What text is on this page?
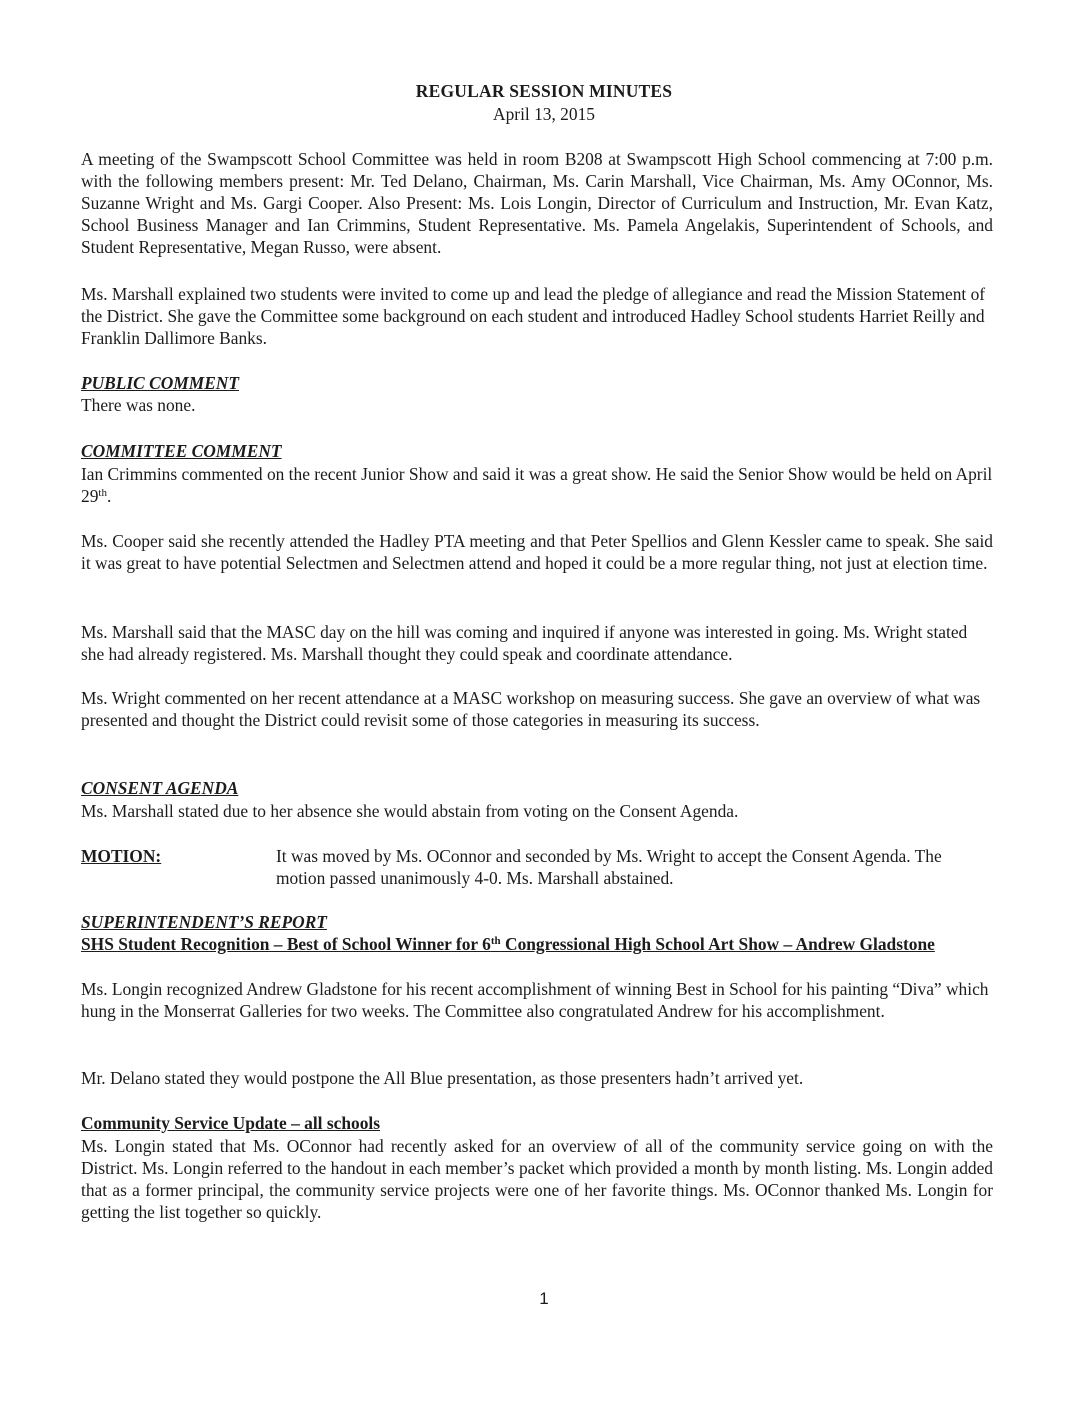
REGULAR SESSION MINUTES
April 13, 2015

A meeting of the Swampscott School Committee was held in room B208 at Swampscott High School commencing at 7:00 p.m. with the following members present: Mr. Ted Delano, Chairman, Ms. Carin Marshall, Vice Chairman, Ms. Amy OConnor, Ms. Suzanne Wright and Ms. Gargi Cooper. Also Present: Ms. Lois Longin, Director of Curriculum and Instruction, Mr. Evan Katz, School Business Manager and Ian Crimmins, Student Representative. Ms. Pamela Angelakis, Superintendent of Schools, and Student Representative, Megan Russo, were absent.

Ms. Marshall explained two students were invited to come up and lead the pledge of allegiance and read the Mission Statement of the District. She gave the Committee some background on each student and introduced Hadley School students Harriet Reilly and Franklin Dallimore Banks.

PUBLIC COMMENT
There was none.
COMMITTEE COMMENT

Ian Crimmins commented on the recent Junior Show and said it was a great show. He said the Senior Show would be held on April 29th.

Ms. Cooper said she recently attended the Hadley PTA meeting and that Peter Spellios and Glenn Kessler came to speak. She said it was great to have potential Selectmen and Selectmen attend and hoped it could be a more regular thing, not just at election time.

Ms. Marshall said that the MASC day on the hill was coming and inquired if anyone was interested in going. Ms. Wright stated she had already registered. Ms. Marshall thought they could speak and coordinate attendance.

Ms. Wright commented on her recent attendance at a MASC workshop on measuring success. She gave an overview of what was presented and thought the District could revisit some of those categories in measuring its success.

CONSENT AGENDA
Ms. Marshall stated due to her absence she would abstain from voting on the Consent Agenda.
MOTION:	It was moved by Ms. OConnor and seconded by Ms. Wright to accept the Consent Agenda. The motion passed unanimously 4-0. Ms. Marshall abstained.

SUPERINTENDENT’S REPORT

SHS Student Recognition – Best of School Winner for 6th Congressional High School Art Show – Andrew Gladstone

Ms. Longin recognized Andrew Gladstone for his recent accomplishment of winning Best in School for his painting “Diva” which hung in the Monserrat Galleries for two weeks. The Committee also congratulated Andrew for his accomplishment.

Mr. Delano stated they would postpone the All Blue presentation, as those presenters hadn’t arrived yet.

Community Service Update – all schools

Ms. Longin stated that Ms. OConnor had recently asked for an overview of all of the community service going on with the District. Ms. Longin referred to the handout in each member’s packet which provided a month by month listing. Ms. Longin added that as a former principal, the community service projects were one of her favorite things. Ms. OConnor thanked Ms. Longin for getting the list together so quickly.

1
